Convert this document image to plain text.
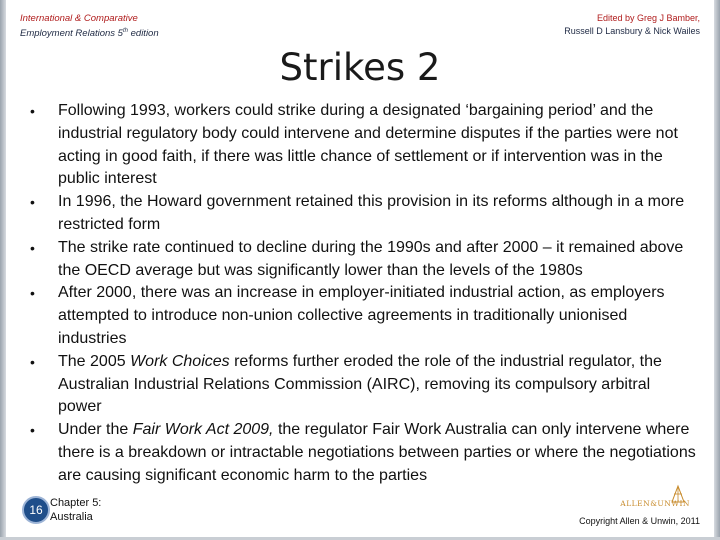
International & Comparative
Employment Relations 5th edition
Edited by Greg J Bamber,
Russell D Lansbury & Nick Wailes
Strikes 2
• Following 1993, workers could strike during a designated ‘bargaining period’ and the industrial regulatory body could intervene and determine disputes if the parties were not acting in good faith, if there was little chance of settlement or if intervention was in the public interest
• In 1996, the Howard government retained this provision in its reforms although in a more restricted form
• The strike rate continued to decline during the 1990s and after 2000 – it remained above the OECD average but was significantly lower than the levels of the 1980s
• After 2000, there was an increase in employer-initiated industrial action, as employers attempted to introduce non-union collective agreements in traditionally unionised industries
• The 2005 Work Choices reforms further eroded the role of the industrial regulator, the Australian Industrial Relations Commission (AIRC), removing its compulsory arbitral power
• Under the Fair Work Act 2009, the regulator Fair Work Australia can only intervene where there is a breakdown or intractable negotiations between parties or where the negotiations are causing significant economic harm to the parties
16 Chapter 5:
Australia
ALLEN&UNWIN
Copyright Allen & Unwin, 2011
